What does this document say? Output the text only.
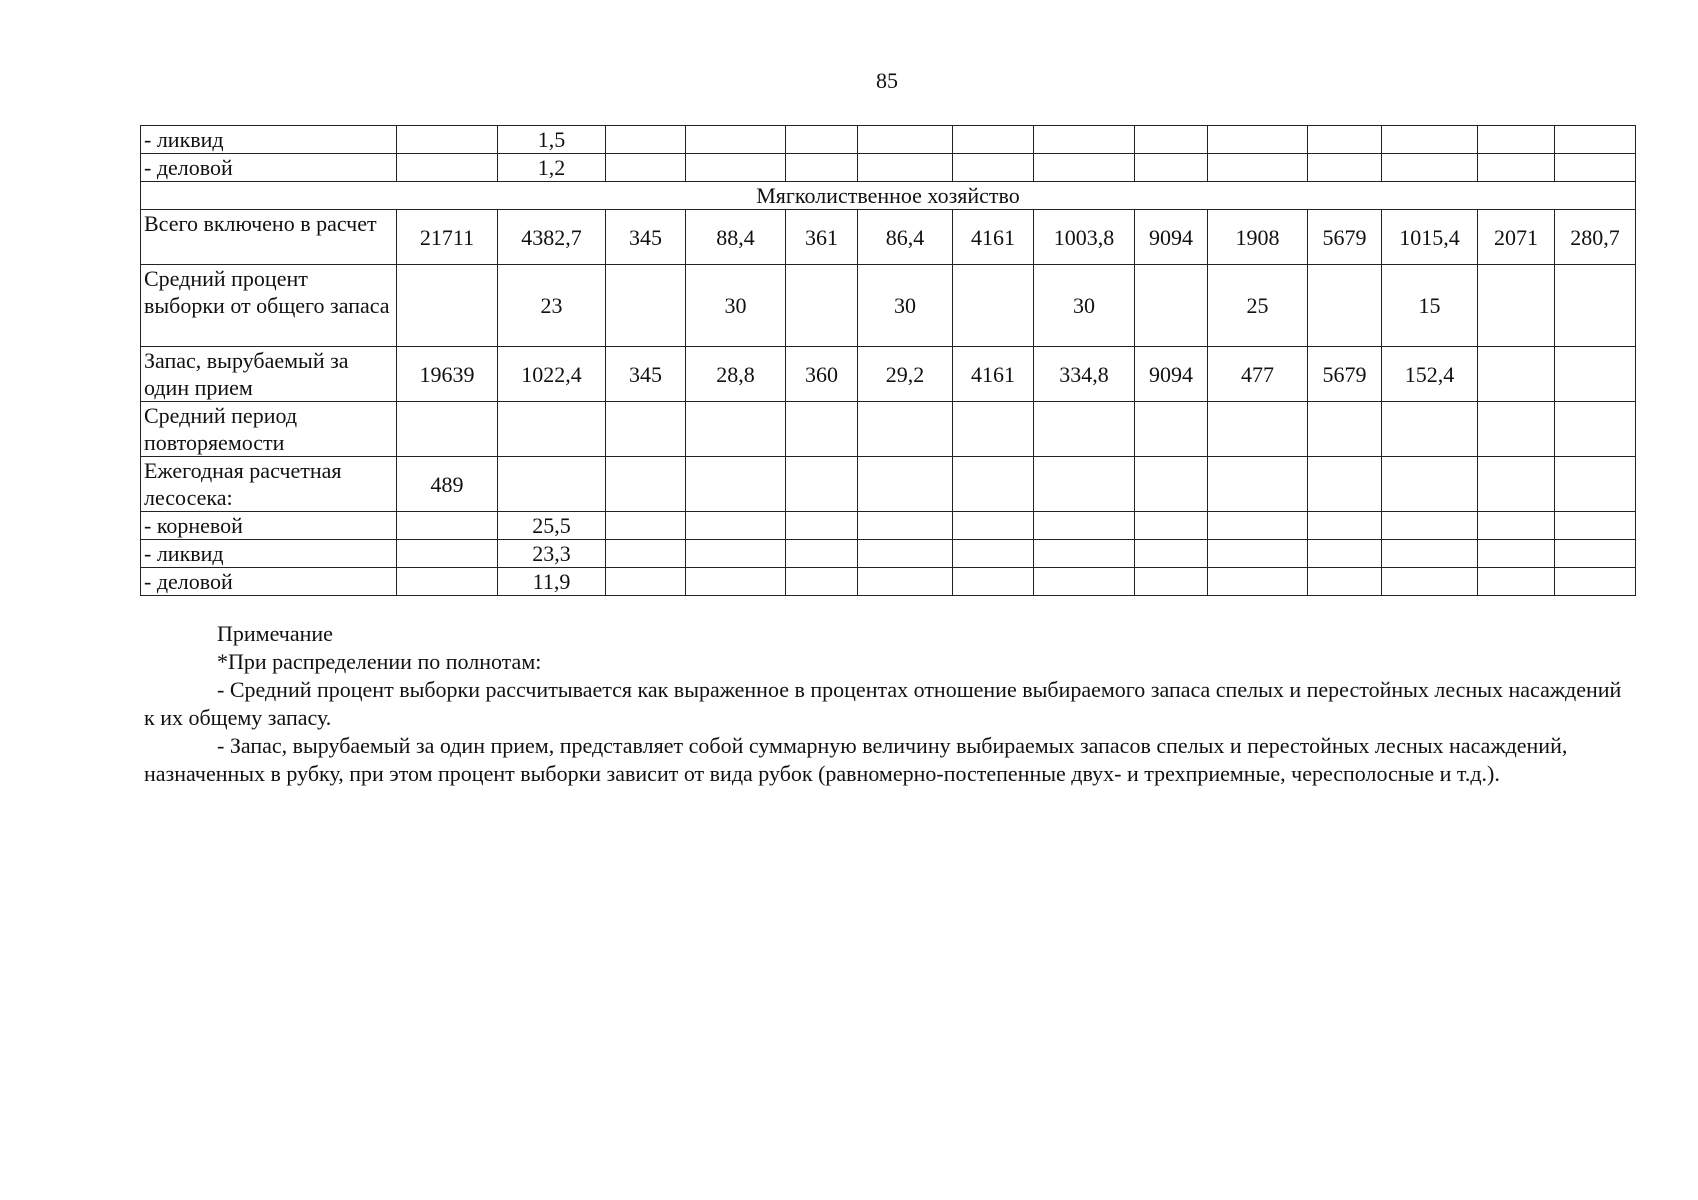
85
- ликвид		1,5												
- деловой		1,2												
Мягколиственное хозяйство														
Всего включено в расчет	21711	4382,7	345	88,4	361	86,4	4161	1003,8	9094	1908	5679	1015,4	2071	280,7
Средний процент выборки от общего запаса		23		30		30		30		25		15		
Запас, вырубаемый за один прием	19639	1022,4	345	28,8	360	29,2	4161	334,8	9094	477	5679	152,4		
Средний период повторяемости														
Ежегодная расчетная лесосека:	489													
- корневой		25,5												
- ликвид		23,3												
- деловой		11,9												

Примечание

*При распределении по полнотам:

- Средний процент выборки рассчитывается как выраженное в процентах отношение выбираемого запаса спелых и перестойных лесных насаждений к их общему запасу.

- Запас, вырубаемый за один прием, представляет собой суммарную величину выбираемых запасов спелых и перестойных лесных насаждений, назначенных в рубку, при этом процент выборки зависит от вида рубок (равномерно-постепенные двух- и трехприемные, чересполосные и т.д.).
